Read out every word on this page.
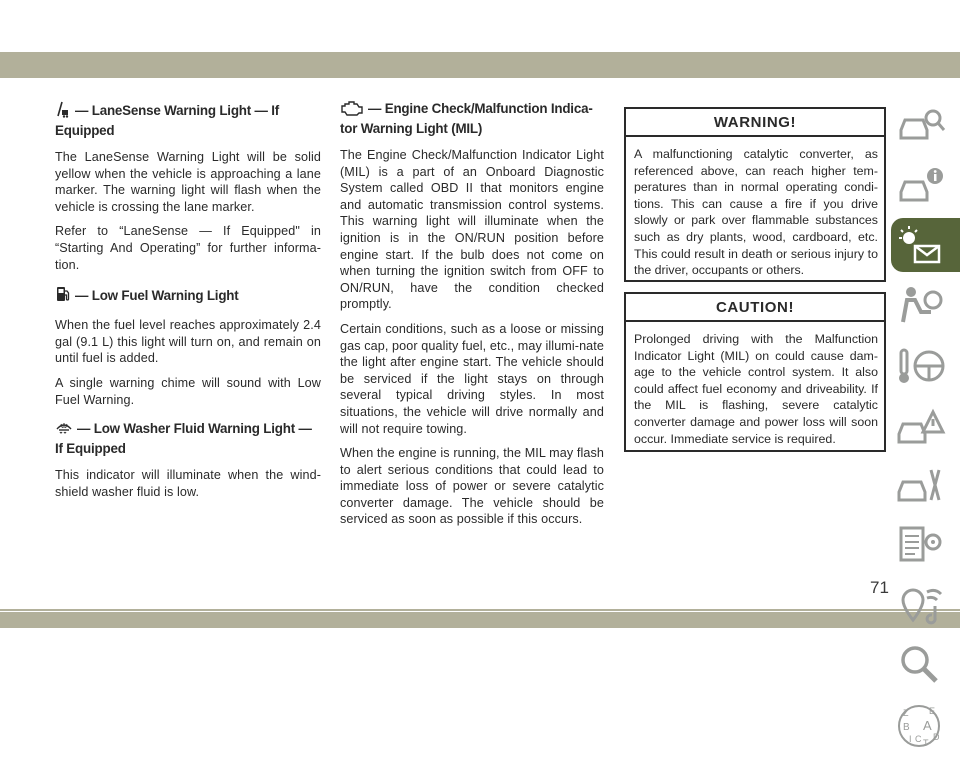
— LaneSense Warning Light — If Equipped

The LaneSense Warning Light will be solid yellow when the vehicle is approaching a lane marker. The warning light will flash when the vehicle is crossing the lane marker.

Refer to “LaneSense — If Equipped" in “Starting And Operating” for further informa-tion.

— Low Fuel Warning Light

When the fuel level reaches approximately 2.4 gal (9.1 L) this light will turn on, and remain on until fuel is added.

A single warning chime will sound with Low Fuel Warning.

— Low Washer Fluid Warning Light — If Equipped

This indicator will illuminate when the wind-shield washer fluid is low.

— Engine Check/Malfunction Indica-tor Warning Light (MIL)

The Engine Check/Malfunction Indicator Light (MIL) is a part of an Onboard Diagnostic System called OBD II that monitors engine and automatic transmission control systems. This warning light will illuminate when the ignition is in the ON/RUN position before engine start. If the bulb does not come on when turning the ignition switch from OFF to ON/RUN, have the condition checked promptly.

Certain conditions, such as a loose or missing gas cap, poor quality fuel, etc., may illumi-nate the light after engine start. The vehicle should be serviced if the light stays on through several typical driving styles. In most situations, the vehicle will drive normally and will not require towing.

When the engine is running, the MIL may flash to alert serious conditions that could lead to immediate loss of power or severe catalytic converter damage. The vehicle should be serviced as soon as possible if this occurs.

WARNING!
A malfunctioning catalytic converter, as referenced above, can reach higher tem-peratures than in normal operating condi-tions. This can cause a fire if you drive slowly or park over flammable substances such as dry plants, wood, cardboard, etc. This could result in death or serious injury to the driver, occupants or others.
CAUTION!
Prolonged driving with the Malfunction Indicator Light (MIL) on could cause dam-age to the vehicle control system. It also could affect fuel economy and driveability. If the MIL is flashing, severe catalytic converter damage and power loss will soon occur. Immediate service is required.
Z E
B A
I C T
D
71
